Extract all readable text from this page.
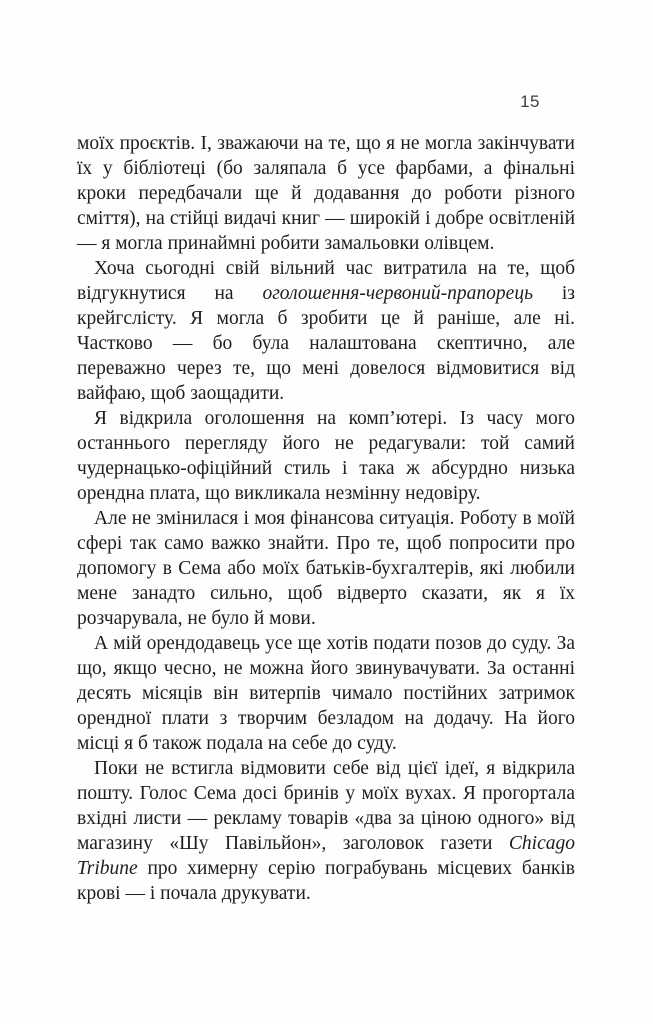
15

моїх проєктів. І, зважаючи на те, що я не могла закінчувати їх у бібліотеці (бо заляпала б усе фарбами, а фінальні кроки передбачали ще й додавання до роботи різного сміття), на стійці видачі книг — широкій і добре освітленій — я могла принаймні робити замальовки олівцем.

Хоча сьогодні свій вільний час витратила на те, щоб відгукнутися на оголошення-червоний-прапорець із крейгслісту. Я могла б зробити це й раніше, але ні. Частково — бо була налаштована скептично, але переважно через те, що мені довелося відмовитися від вайфаю, щоб заощадити.

Я відкрила оголошення на комп’ютері. Із часу мого останнього перегляду його не редагували: той самий чудернацько-офіційний стиль і така ж абсурдно низька орендна плата, що викликала незмінну недовіру.

Але не змінилася і моя фінансова ситуація. Роботу в моїй сфері так само важко знайти. Про те, щоб попросити про допомогу в Сема або моїх батьків-бухгалтерів, які любили мене занадто сильно, щоб відверто сказати, як я їх розчарувала, не було й мови.

А мій орендодавець усе ще хотів подати позов до суду. За що, якщо чесно, не можна його звинувачувати. За останні десять місяців він витерпів чимало постійних затримок орендної плати з творчим безладом на додачу. На його місці я б також подала на себе до суду.

Поки не встигла відмовити себе від цієї ідеї, я відкрила пошту. Голос Сема досі бринів у моїх вухах. Я прогортала вхідні листи — рекламу товарів «два за ціною одного» від магазину «Шу Павільйон», заголовок газети Chicago Tribune про химерну серію пограбувань місцевих банків крові — і почала друкувати.
